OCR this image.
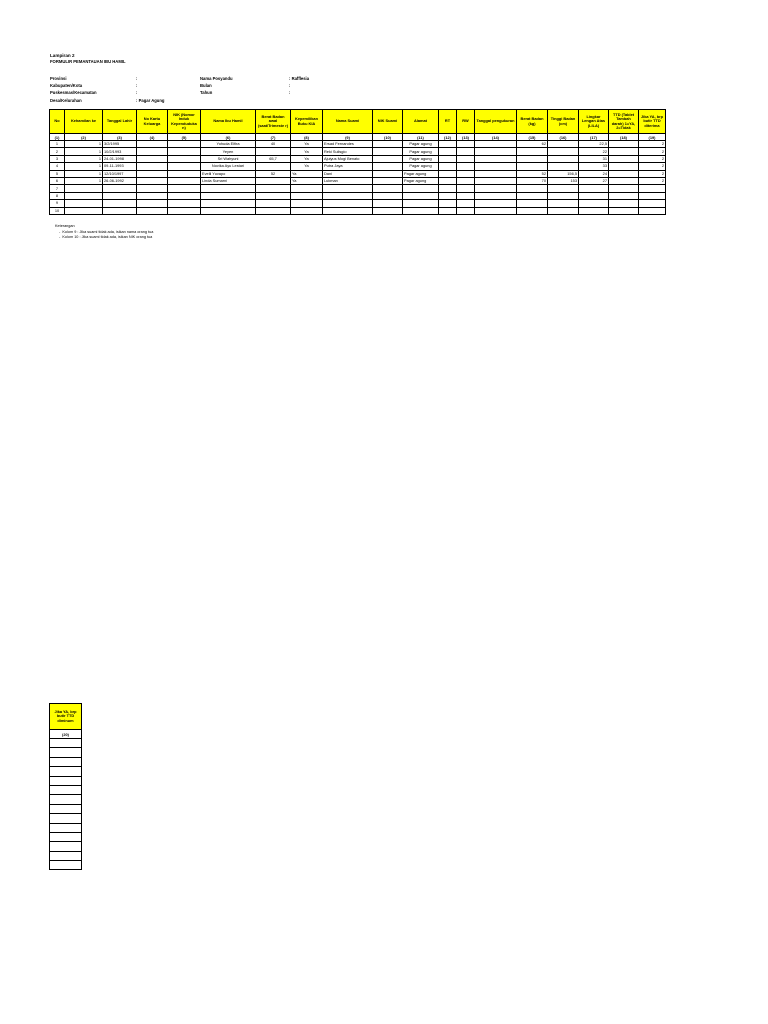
Lampiran 2
FORMULIR PEMANTAUAN IBU HAMIL
Provinsi	:
Kabupaten/Kota	:
Puskesmas/Kecamatan	:
Desa/Kelurahan	: Pagar Agung
Nama Posyandu	: Rafflesia
Bulan	:
Tahun	:
No	Kehamilan ke	Tanggal Lahir	No Kartu Keluarga	NIK (Nomor Induk Kependuduka n)	Nama Ibu Hamil	Berat Badan awal (saat/Trimeste r)	Kepemilikan Buku KIA	Nama Suami	NIK Suami	Alamat	RT	RW	Tanggal pengukuran	Berat Badan (kg)	Tinggi Badan (cm)	Lingkar Lengan Atas (LILA)	TTD (Tablet Tambah darah) 1=YA, 2=Tidak	Jika YA, brp butir TTD diterima
(1)	(2)	(3)	(4)	(5)	(6)	(7)	(8)	(9)	(10)	(11)	(12)	(13)	(14)	(15)	(16)	(17)	(18)	(19)
1	1	3/2/1995			Yohuda Elfira	40	Ya	Ersad Fernandes		Pagar agung				62		22,5		2
2	1	10/2/1993			Yeyen		Ya	Reki Sulisgio		Pagar agung						22		2
3	1	24-01-1998			Sri Wahyuni	65,7	Ya	Ajuiyus Mogi Benato		Pagar agung						31		2
4	1	09-11-1993			Novika Ayu Lestari		Ya	Putra Jaya		Pagar agung						33		2
5	1	12/10/1997			Evelli Yuvapo	52	Ya	Dani		Pagar agung				52	156,5	24		2
6	1	26-06-1992			Linda Sumarni		Ya	Lukman		Pagar agung				70	153	27		2
7																		
8																		
9																		
10																		
Keterangan
-  Kolom 9 : Jika suami tidak ada, isikan nama orang tua
-  Kolom 10 : Jika suami tidak ada, isikan NIK orang tua
Jika YA, brp butir TTD diminum
(20)
